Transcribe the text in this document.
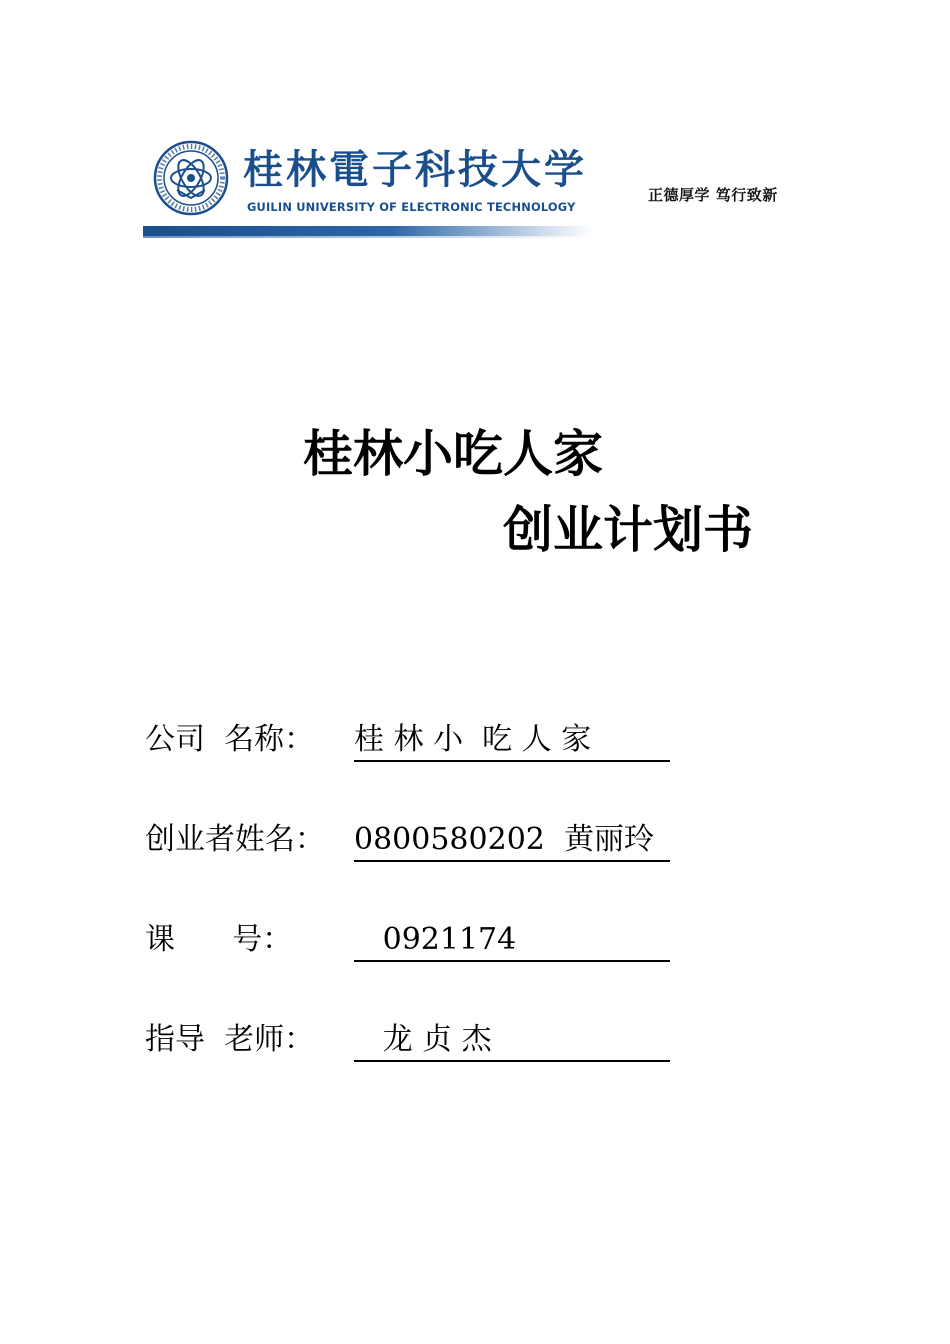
桂林電子科技大学
GUILIN UNIVERSITY OF ELECTRONIC TECHNOLOGY
正德厚学 笃行致新
桂林小吃人家
创业计划书
公司  名称： 桂 林 小  吃 人 家
创业者姓名： 0800580202  黄丽玲
课      号： 0921174
指导  老师： 龙 贞 杰
